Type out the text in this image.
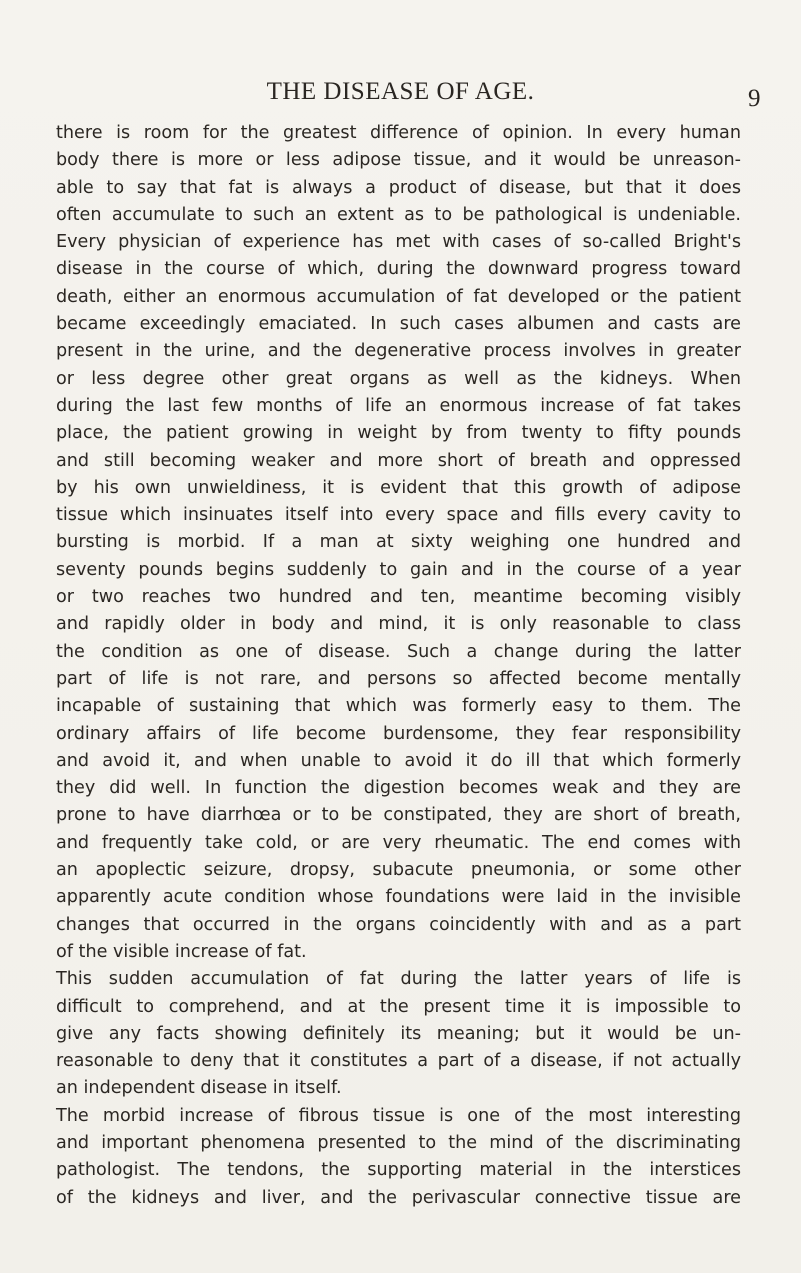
THE DISEASE OF AGE.	9
there is room for the greatest difference of opinion. In every human
body there is more or less adipose tissue, and it would be unreason-
able to say that fat is always a product of disease, but that it does
often accumulate to such an extent as to be pathological is undeniable.
Every physician of experience has met with cases of so-called Bright's
disease in the course of which, during the downward progress toward
death, either an enormous accumulation of fat developed or the patient
became exceedingly emaciated. In such cases albumen and casts are
present in the urine, and the degenerative process involves in greater
or less degree other great organs as well as the kidneys. When
during the last few months of life an enormous increase of fat takes
place, the patient growing in weight by from twenty to fifty pounds
and still becoming weaker and more short of breath and oppressed
by his own unwieldiness, it is evident that this growth of adipose
tissue which insinuates itself into every space and fills every cavity to
bursting is morbid. If a man at sixty weighing one hundred and
seventy pounds begins suddenly to gain and in the course of a year
or two reaches two hundred and ten, meantime becoming visibly
and rapidly older in body and mind, it is only reasonable to class
the condition as one of disease. Such a change during the latter
part of life is not rare, and persons so affected become mentally
incapable of sustaining that which was formerly easy to them. The
ordinary affairs of life become burdensome, they fear responsibility
and avoid it, and when unable to avoid it do ill that which formerly
they did well. In function the digestion becomes weak and they are
prone to have diarrhœa or to be constipated, they are short of breath,
and frequently take cold, or are very rheumatic. The end comes with
an apoplectic seizure, dropsy, subacute pneumonia, or some other
apparently acute condition whose foundations were laid in the invisible
changes that occurred in the organs coincidently with and as a part
of the visible increase of fat.
This sudden accumulation of fat during the latter years of life is
difficult to comprehend, and at the present time it is impossible to
give any facts showing definitely its meaning; but it would be un-
reasonable to deny that it constitutes a part of a disease, if not actually
an independent disease in itself.
The morbid increase of fibrous tissue is one of the most interesting
and important phenomena presented to the mind of the discriminating
pathologist. The tendons, the supporting material in the interstices
of the kidneys and liver, and the perivascular connective tissue are
